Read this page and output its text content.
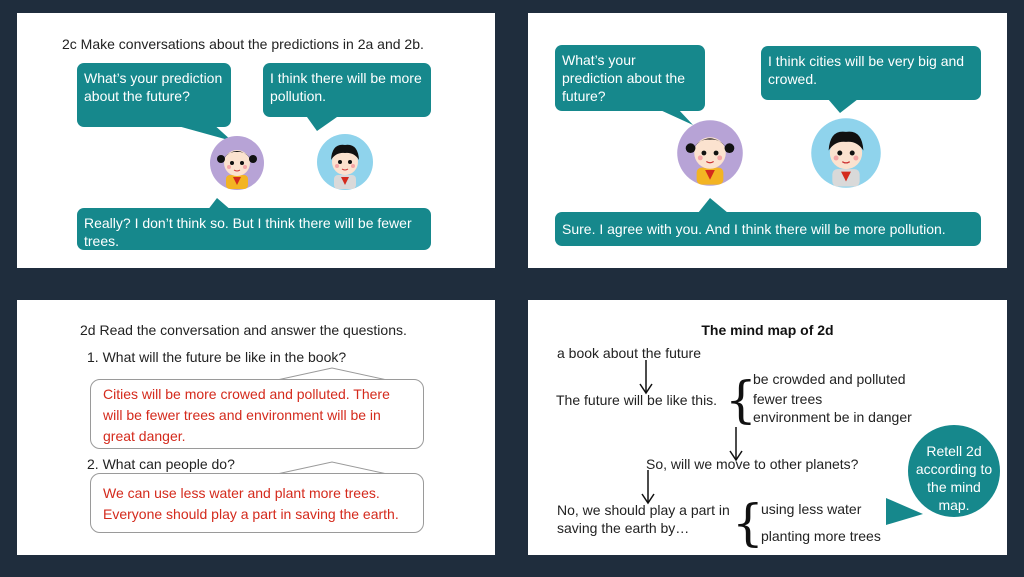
2c Make conversations about the predictions in 2a and 2b.
What’s your prediction about the future?
I think there will be more pollution.
Really? I don’t think so. But I think there will be fewer trees.
What’s your prediction about the future?
I think cities will be very big and crowed.
Sure. I agree with you. And I think there will be more pollution.
2d Read the conversation and answer the questions.
1. What will the future be like in the book?
Cities will be more crowed and polluted. There will be fewer trees and environment will be in great danger.
2. What can people do?
We can use less water and plant more trees.
Everyone should play a part in saving the earth.
The mind map of 2d
a book about the future
The future will be like this. {
be crowded and polluted
fewer trees
environment be in danger
So, will we move to other planets?
No, we should play a part in
saving the earth by… {
using less water
planting more trees
Retell 2d according to the mind map.
